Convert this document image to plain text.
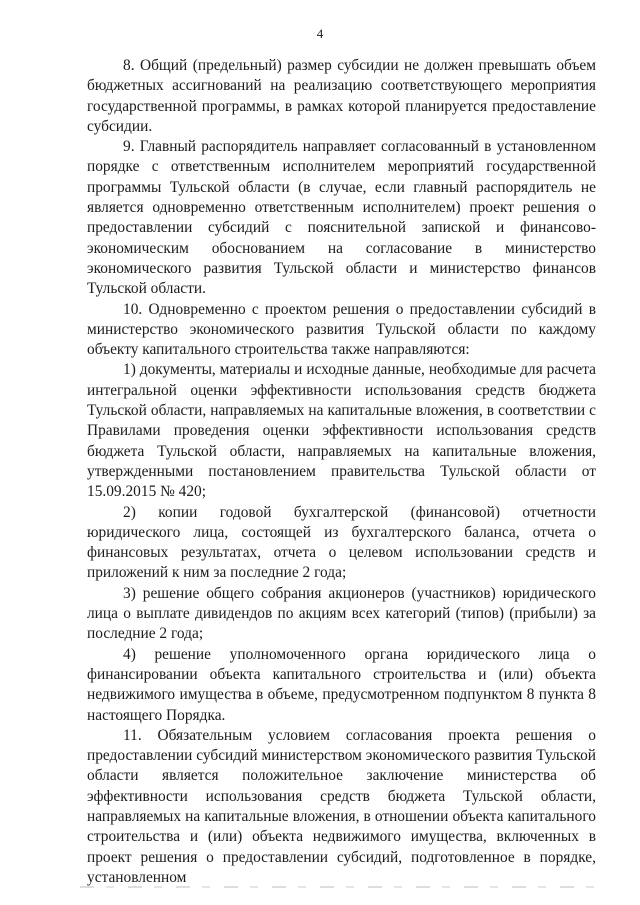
4

8. Общий (предельный) размер субсидии не должен превышать объем бюджетных ассигнований на реализацию соответствующего мероприятия государственной программы, в рамках которой планируется предоставление субсидии.

9. Главный распорядитель направляет согласованный в установленном порядке с ответственным исполнителем мероприятий государственной программы Тульской области (в случае, если главный распорядитель не является одновременно ответственным исполнителем) проект решения о предоставлении субсидий с пояснительной запиской и финансово-экономическим обоснованием на согласование в министерство экономического развития Тульской области и министерство финансов Тульской области.

10. Одновременно с проектом решения о предоставлении субсидий в министерство экономического развития Тульской области по каждому объекту капитального строительства также направляются:

1) документы, материалы и исходные данные, необходимые для расчета интегральной оценки эффективности использования средств бюджета Тульской области, направляемых на капитальные вложения, в соответствии с Правилами проведения оценки эффективности использования средств бюджета Тульской области, направляемых на капитальные вложения, утвержденными постановлением правительства Тульской области от 15.09.2015 № 420;

2) копии годовой бухгалтерской (финансовой) отчетности юридического лица, состоящей из бухгалтерского баланса, отчета о финансовых результатах, отчета о целевом использовании средств и приложений к ним за последние 2 года;

3) решение общего собрания акционеров (участников) юридического лица о выплате дивидендов по акциям всех категорий (типов) (прибыли) за последние 2 года;

4) решение уполномоченного органа юридического лица о финансировании объекта капитального строительства и (или) объекта недвижимого имущества в объеме, предусмотренном подпунктом 8 пункта 8 настоящего Порядка.

11. Обязательным условием согласования проекта решения о предоставлении субсидий министерством экономического развития Тульской области является положительное заключение министерства об эффективности использования средств бюджета Тульской области, направляемых на капитальные вложения, в отношении объекта капитального строительства и (или) объекта недвижимого имущества, включенных в проект решения о предоставлении субсидий, подготовленное в порядке, установленном
